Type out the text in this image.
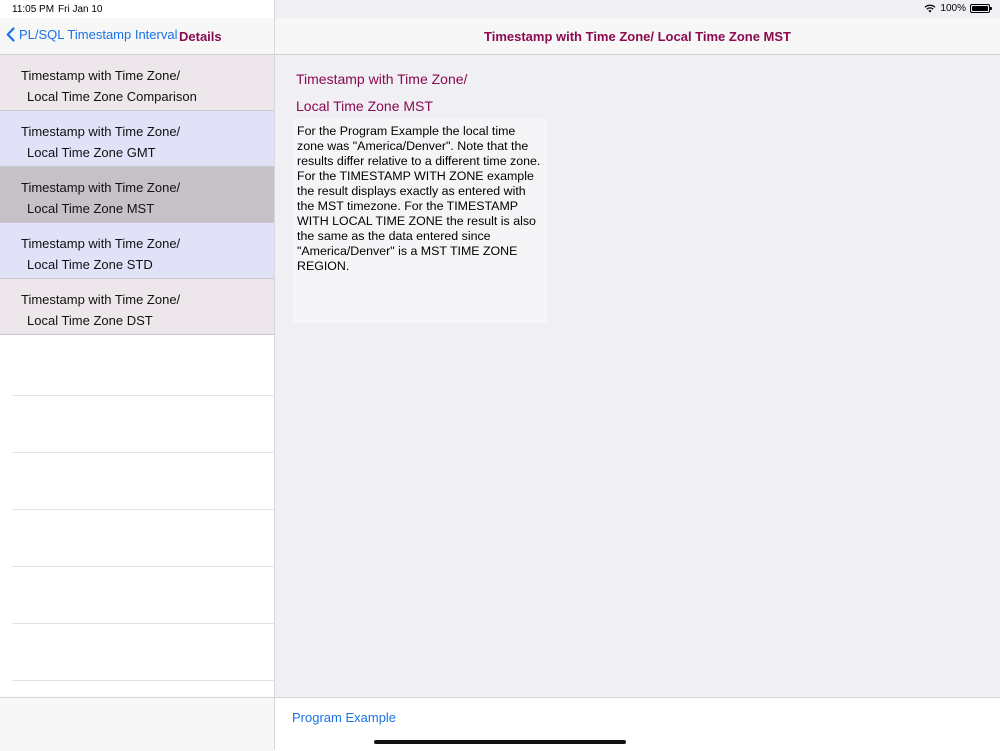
11:05 PM Fri Jan 10	100%
PL/SQL Timestamp Interval Details
Timestamp with Time Zone/
Local Time Zone Comparison
Timestamp with Time Zone/
Local Time Zone GMT
Timestamp with Time Zone/
Local Time Zone MST
Timestamp with Time Zone/
Local Time Zone STD
Timestamp with Time Zone/
Local Time Zone DST
Timestamp with Time Zone/ Local Time Zone MST
Timestamp with Time Zone/
Local Time Zone MST
For the Program Example the local time zone was "America/Denver". Note that the results differ relative to a different time zone. For the TIMESTAMP WITH ZONE example the result displays exactly as entered with the MST timezone. For the TIMESTAMP WITH LOCAL TIME ZONE the result is also the same as the data entered since "America/Denver" is a MST TIME ZONE REGION.
Program Example
